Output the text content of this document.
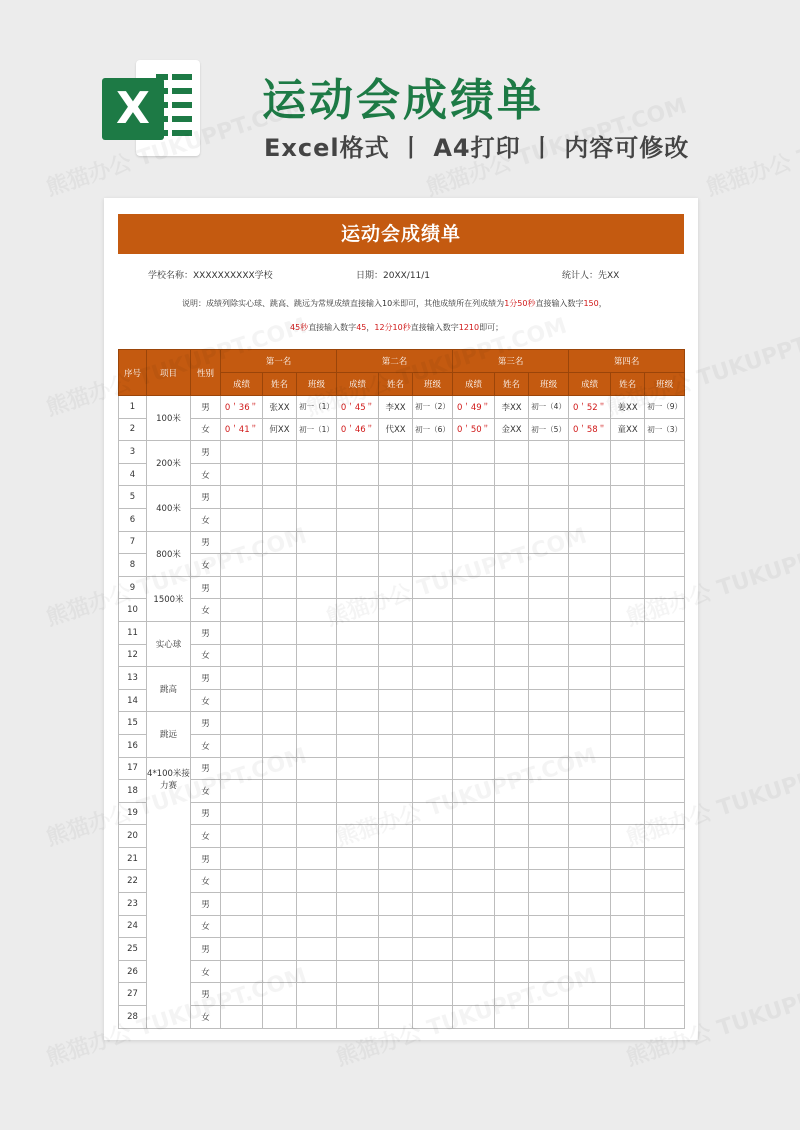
X	运动会成绩单
Excel格式 丨 A4打印 丨 内容可修改
运动会成绩单
学校名称：XXXXXXXXXX学校	日期：20XX/11/1	统计人：先XX
说明：成绩列除实心球、跳高、跳远为常规成绩直接输入10米即可，其他成绩所在列成绩为1分50秒直接输入数字150，
45秒直接输入数字45，12分10秒直接输入数字1210即可；
序号	项目	性别	第一名			第二名			第三名			第四名		
			成绩	姓名	班级	成绩	姓名	班级	成绩	姓名	班级	成绩	姓名	班级
1	100米	男	0＇36＂	张XX	初一（1）	0＇45＂	李XX	初一（2）	0＇49＂	李XX	初一（4）	0＇52＂	姜XX	初一（9）
2		女	0＇41＂	何XX	初一（1）	0＇46＂	代XX	初一（6）	0＇50＂	金XX	初一（5）	0＇58＂	童XX	初一（3）
3	200米	男												
4		女												
5	400米	男												
6		女												
7	800米	男												
8		女												
9	1500米	男												
10		女												
11	实心球	男												
12		女												
13	跳高	男												
14		女												
15	跳远	男												
16		女												
17	4*100米接力赛	男												
18		女												
19		男												
20		女												
21		男												
22		女												
23		男												
24		女												
25		男												
26		女												
27		男												
28		女												
